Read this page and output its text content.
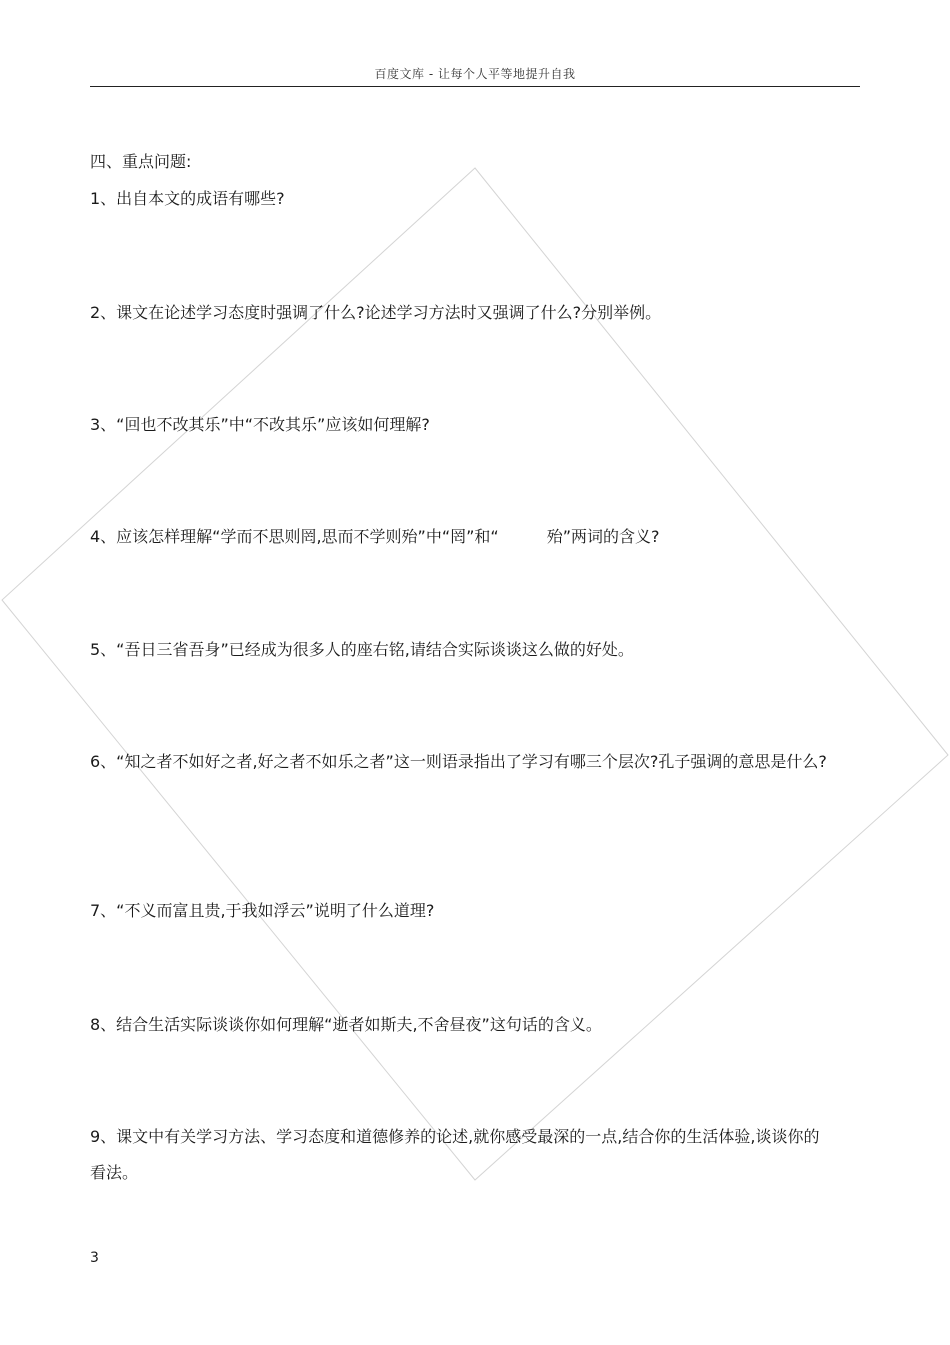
百度文库 - 让每个人平等地提升自我
四、重点问题:

1、出自本文的成语有哪些?

2、课文在论述学习态度时强调了什么?论述学习方法时又强调了什么?分别举例。

3、“回也不改其乐”中“不改其乐”应该如何理解?

4、应该怎样理解“学而不思则罔,思而不学则殆”中“罔”和“　　　殆”两词的含义?

5、“吾日三省吾身”已经成为很多人的座右铭,请结合实际谈谈这么做的好处。

6、“知之者不如好之者,好之者不如乐之者”这一则语录指出了学习有哪三个层次?孔子强调的意思是什么?

7、“不义而富且贵,于我如浮云”说明了什么道理?

8、结合生活实际谈谈你如何理解“逝者如斯夫,不舍昼夜”这句话的含义。

9、课文中有关学习方法、学习态度和道德修养的论述,就你感受最深的一点,结合你的生活体验,谈谈你的看法。

3
